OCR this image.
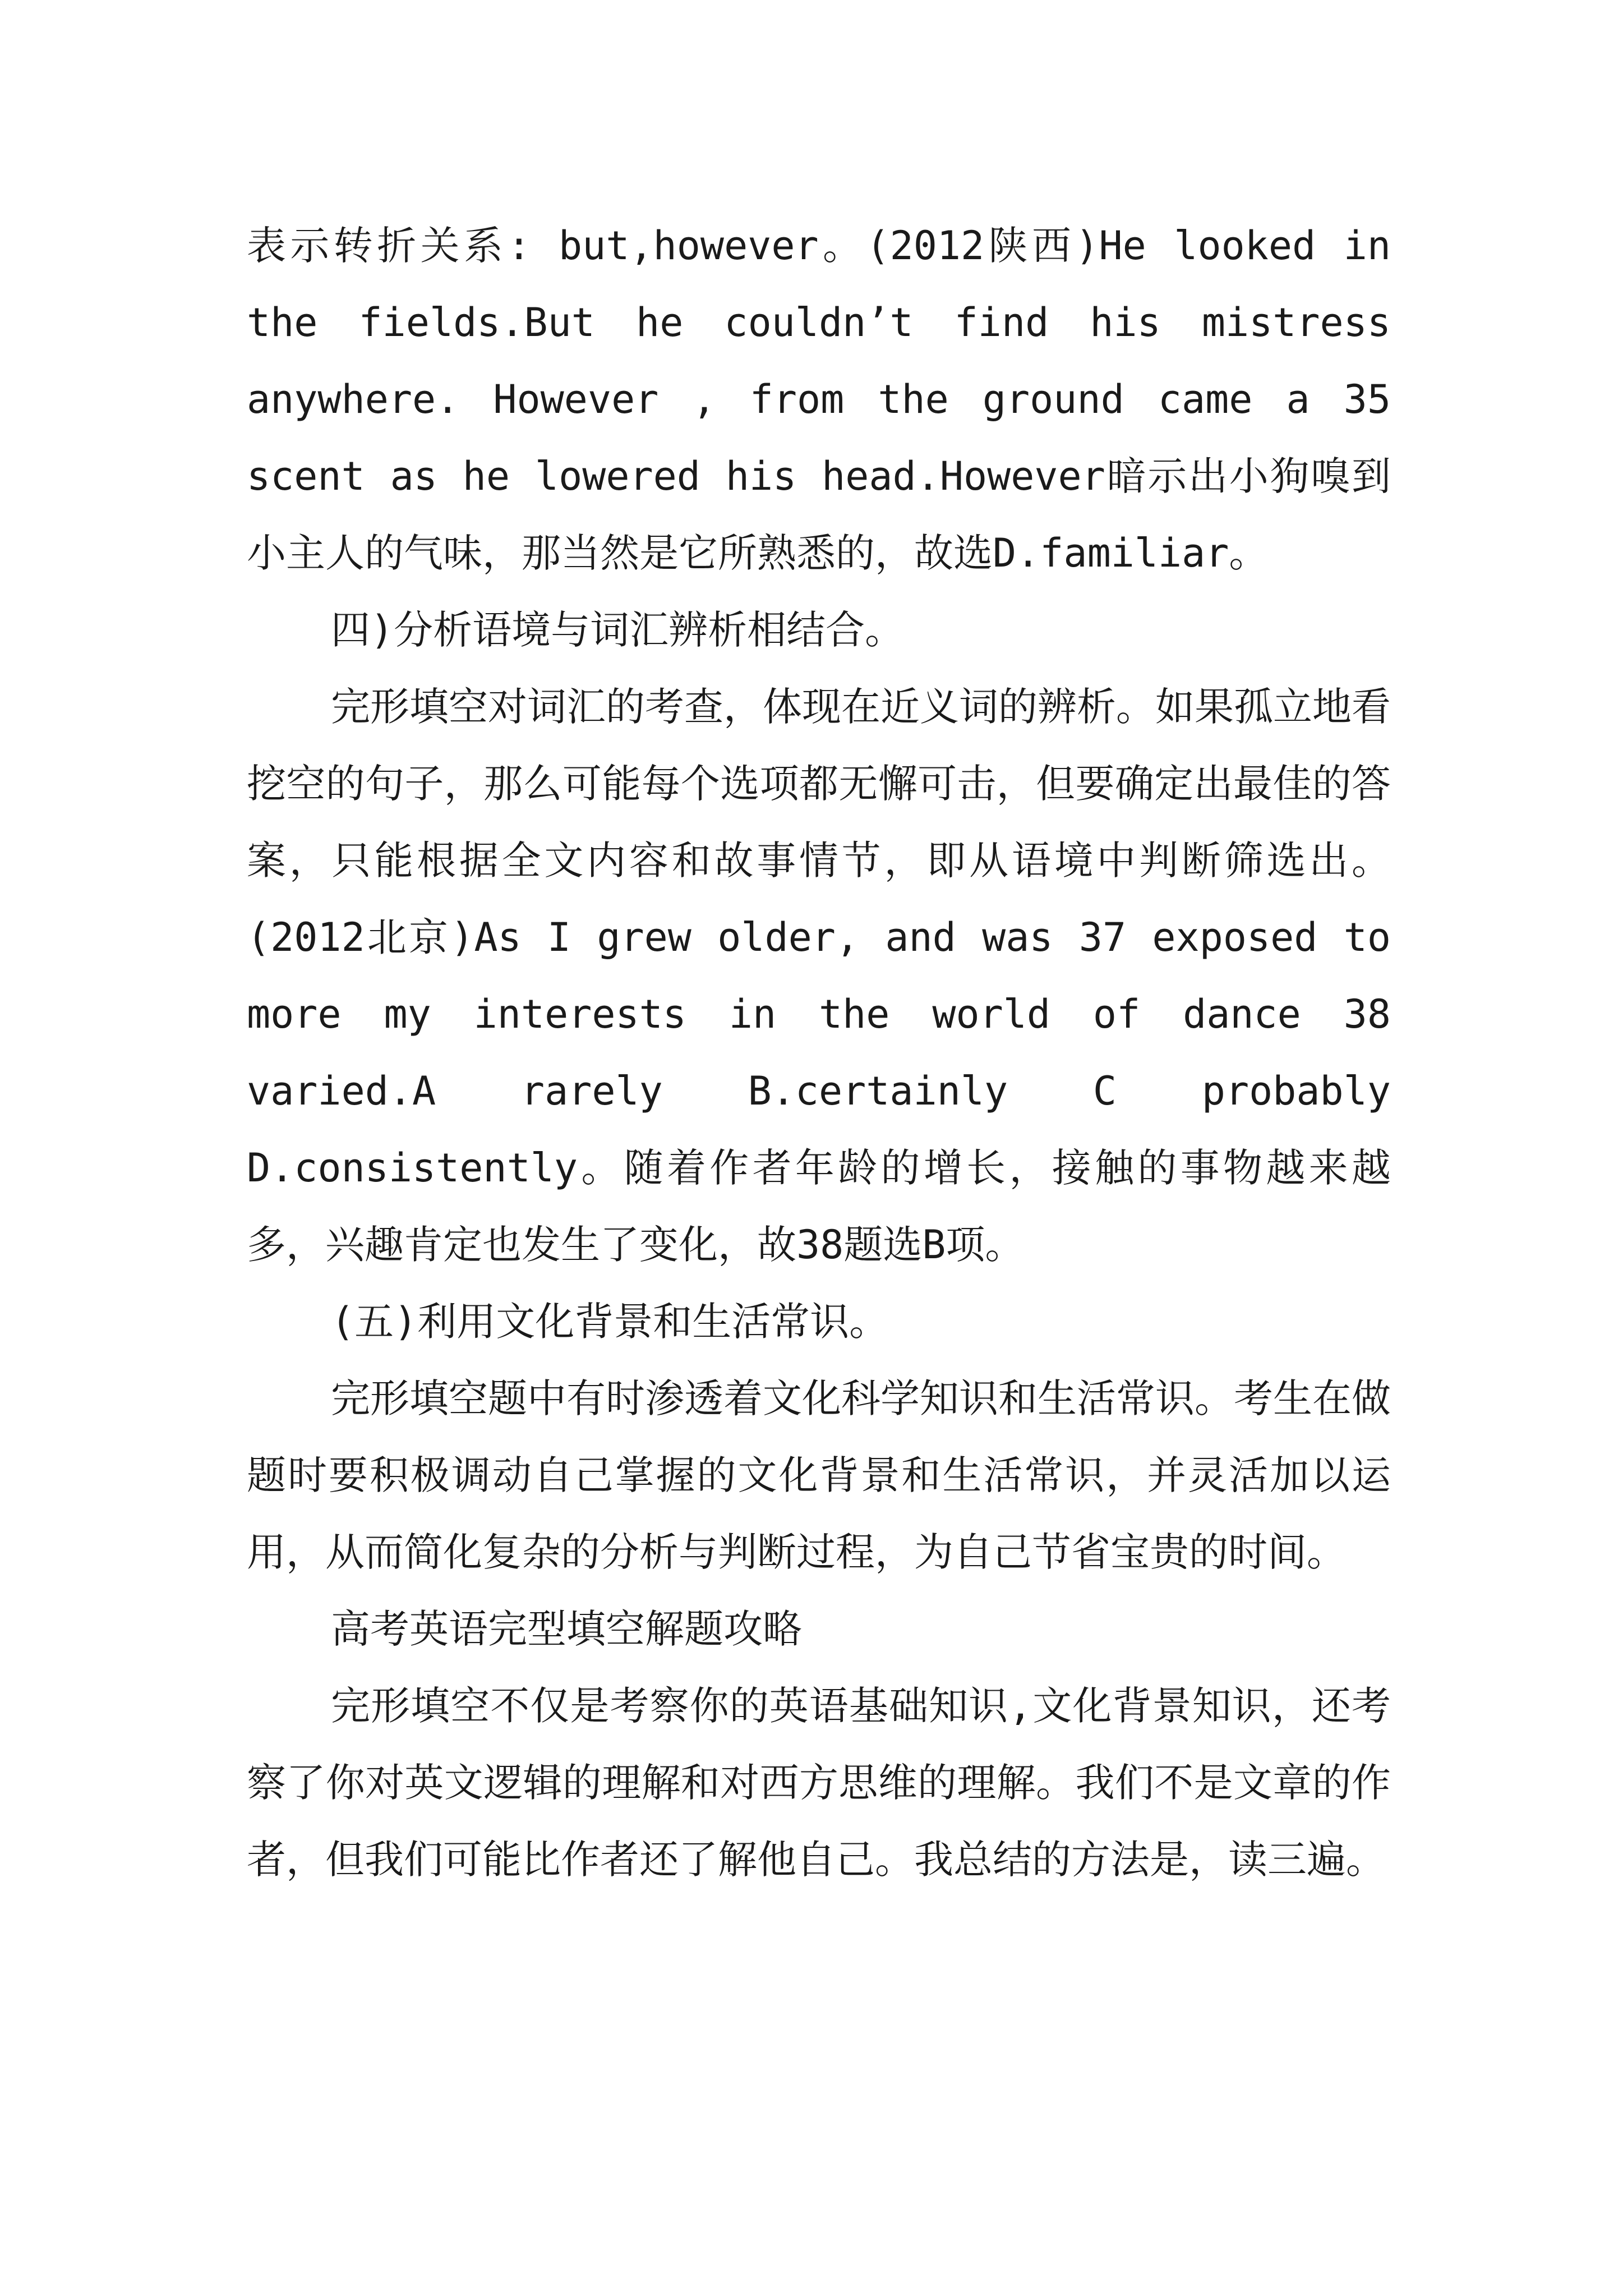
表示转折关系: but,however。(2012陕西)He looked in the fields.But he couldn’t find his mistress anywhere. However , from the ground came a 35 scent as he lowered his head.However暗示出小狗嗅到小主人的气味，那当然是它所熟悉的，故选D.familiar。

四)分析语境与词汇辨析相结合。

完形填空对词汇的考查，体现在近义词的辨析。如果孤立地看挖空的句子，那么可能每个选项都无懈可击，但要确定出最佳的答案，只能根据全文内容和故事情节，即从语境中判断筛选出。(2012北京)As I grew older, and was 37 exposed to more my interests in the world of dance 38 varied.A rarely B.certainly C probably D.consistently。随着作者年龄的增长，接触的事物越来越多，兴趣肯定也发生了变化，故38题选B项。

(五)利用文化背景和生活常识。

完形填空题中有时渗透着文化科学知识和生活常识。考生在做题时要积极调动自己掌握的文化背景和生活常识，并灵活加以运用，从而简化复杂的分析与判断过程，为自己节省宝贵的时间。

高考英语完型填空解题攻略

完形填空不仅是考察你的英语基础知识,文化背景知识，还考察了你对英文逻辑的理解和对西方思维的理解。我们不是文章的作者，但我们可能比作者还了解他自己。我总结的方法是，读三遍。
